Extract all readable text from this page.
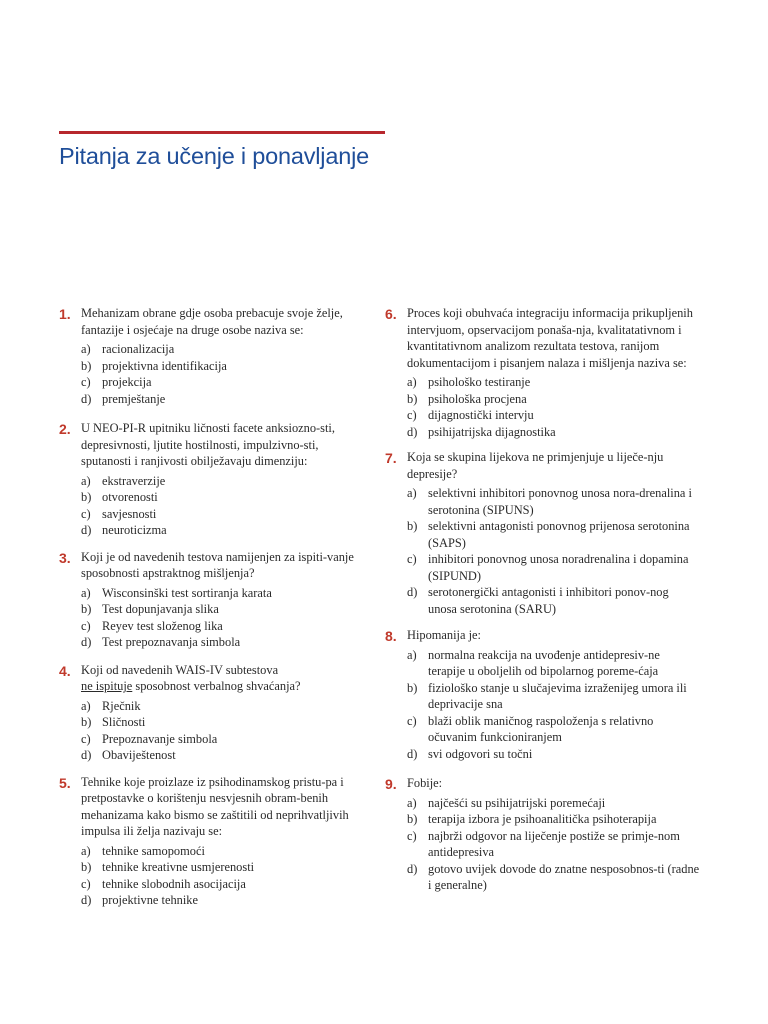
Pitanja za učenje i ponavljanje
1. Mehanizam obrane gdje osoba prebacuje svoje želje, fantazije i osjećaje na druge osobe naziva se:

a) racionalizacija
b) projektivna identifikacija
c) projekcija
d) premještanje
2. U NEO-PI-R upitniku ličnosti facete anksiozno-sti, depresivnosti, ljutite hostilnosti, impulzivno-sti, sputanosti i ranjivosti obilježavaju dimenziju:

a) ekstraverzije
b) otvorenosti
c) savjesnosti
d) neuroticizma
3. Koji je od navedenih testova namijenjen za ispiti-vanje sposobnosti apstraktnog mišljenja?

a) Wisconsinški test sortiranja karata
b) Test dopunjavanja slika
c) Reyev test složenog lika
d) Test prepoznavanja simbola
4. Koji od navedenih WAIS-IV subtestova
ne ispituje sposobnost verbalnog shvaćanja?

a) Rječnik
b) Sličnosti
c) Prepoznavanje simbola
d) Obaviještenost
5. Tehnike koje proizlaze iz psihodinamskog pristu-pa i pretpostavke o korištenju nesvjesnih obram-benih mehanizama kako bismo se zaštitili od neprihvatljivih impulsa ili želja nazivaju se:

a) tehnike samopomoći
b) tehnike kreativne usmjerenosti
c) tehnike slobodnih asocijacija
d) projektivne tehnike
6. Proces koji obuhvaća integraciju informacija prikupljenih intervjuom, opservacijom ponaša-nja, kvalitatativnom i kvantitativnom analizom rezultata testova, ranijom dokumentacijom i pisanjem nalaza i mišljenja naziva se:

a) psihološko testiranje
b) psihološka procjena
c) dijagnostički intervju
d) psihijatrijska dijagnostika
7. Koja se skupina lijekova ne primjenjuje u liječe-nju depresije?

a) selektivni inhibitori ponovnog unosa nora-drenalina i serotonina (SIPUNS)
b) selektivni antagonisti ponovnog prijenosa serotonina (SAPS)
c) inhibitori ponovnog unosa noradrenalina i dopamina (SIPUND)
d) serotonergički antagonisti i inhibitori ponov-nog unosa serotonina (SARU)
8. Hipomanija je:

a) normalna reakcija na uvođenje antidepresiv-ne terapije u oboljelih od bipolarnog poreme-ćaja
b) fiziološko stanje u slučajevima izraženijeg umora ili deprivacije sna
c) blaži oblik maničnog raspoloženja s relativno očuvanim funkcioniranjem
d) svi odgovori su točni
9. Fobije:

a) najčešći su psihijatrijski poremećaji
b) terapija izbora je psihoanalitička psihoterapija
c) najbrži odgovor na liječenje postiže se primje-nom antidepresiva
d) gotovo uvijek dovode do znatne nesposobnos-ti (radne i generalne)
